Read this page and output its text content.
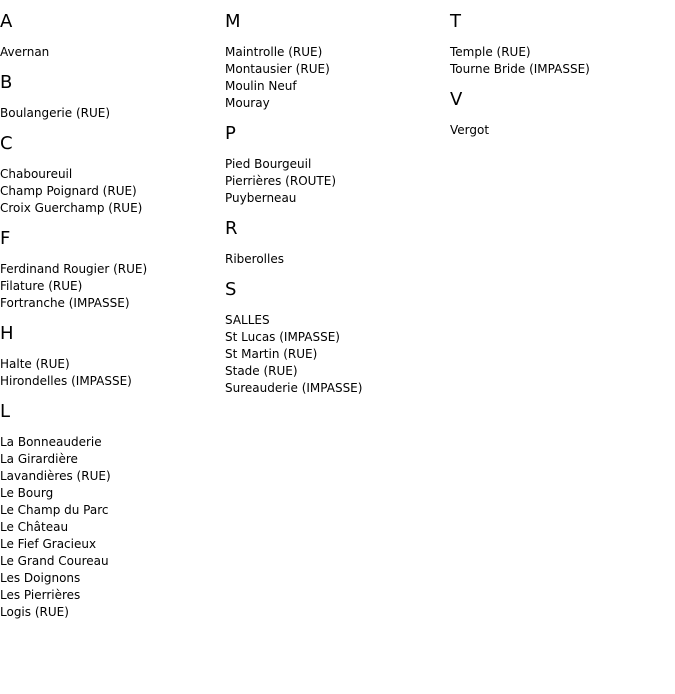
A
Avernan
B
Boulangerie (RUE)
C
Chaboureuil
Champ Poignard (RUE)
Croix Guerchamp (RUE)
F
Ferdinand Rougier (RUE)
Filature (RUE)
Fortranche (IMPASSE)
H
Halte (RUE)
Hirondelles (IMPASSE)
L
La Bonneauderie
La Girardière
Lavandières (RUE)
Le Bourg
Le Champ du Parc
Le Château
Le Fief Gracieux
Le Grand Coureau
Les Doignons
Les Pierrières
Logis (RUE)
M
Maintrolle (RUE)
Montausier (RUE)
Moulin Neuf
Mouray
P
Pied Bourgeuil
Pierrières (ROUTE)
Puyberneau
R
Riberolles
S
SALLES
St Lucas (IMPASSE)
St Martin (RUE)
Stade (RUE)
Sureauderie (IMPASSE)
T
Temple (RUE)
Tourne Bride (IMPASSE)
V
Vergot
